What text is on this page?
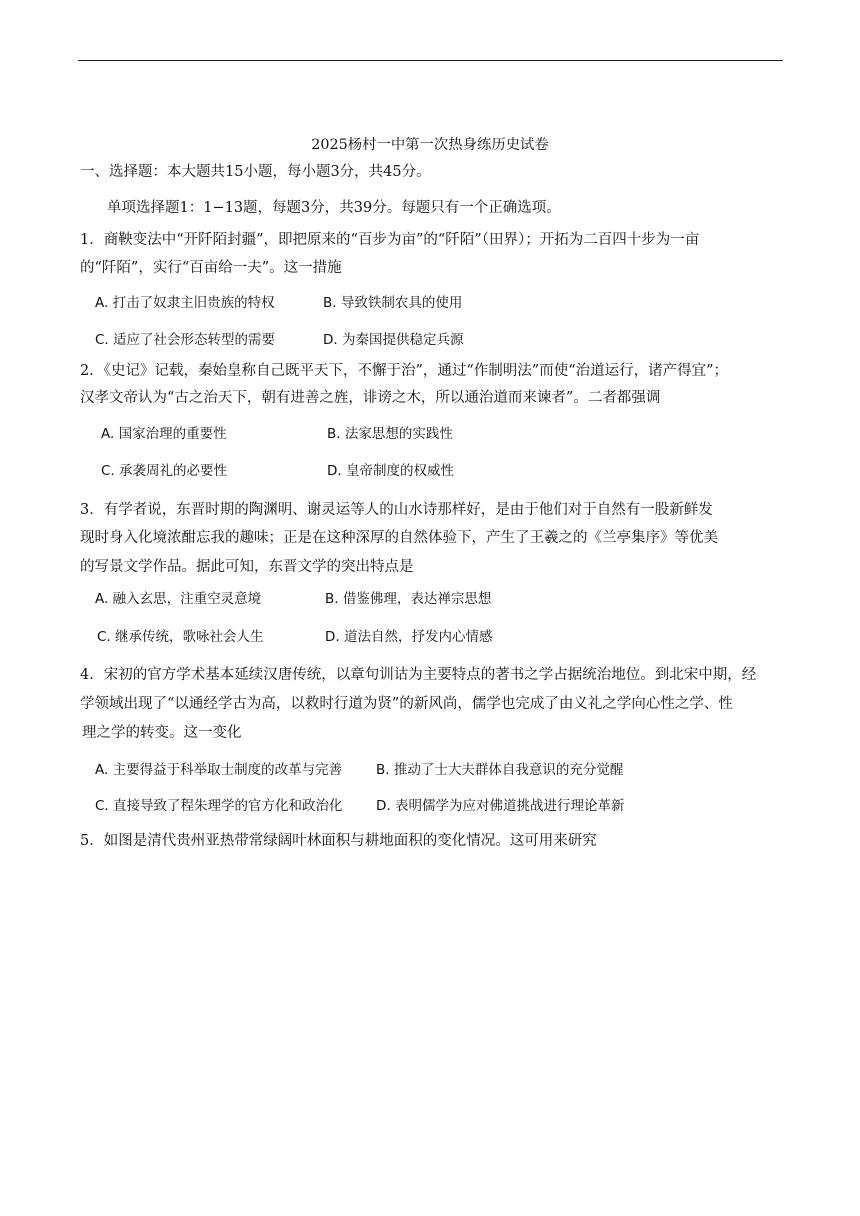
2025杨村一中第一次热身练历史试卷
一、选择题：本大题共15小题，每小题3分，共45分。
单项选择题1：1−13题，每题3分，共39分。每题只有一个正确选项。
1．商鞅变法中“开阡陌封疆”，即把原来的“百步为亩”的“阡陌”（田界）；开拓为二百四十步为一亩
的“阡陌”，实行“百亩给一夫”。这一措施
A. 打击了奴隶主旧贵族的特权	B. 导致铁制农具的使用
C. 适应了社会形态转型的需要	D. 为秦国提供稳定兵源
2．《史记》记载，秦始皇称自己既平天下，不懈于治”，通过“作制明法”而使“治道运行，诸产得宜”；
汉孝文帝认为“古之治天下，朝有进善之旌，诽谤之木，所以通治道而来谏者”。二者都强调
A. 国家治理的重要性	B. 法家思想的实践性
C. 承袭周礼的必要性	D. 皇帝制度的权威性
3．有学者说，东晋时期的陶渊明、谢灵运等人的山水诗那样好，是由于他们对于自然有一股新鲜发
现时身入化境浓酣忘我的趣味；正是在这种深厚的自然体验下，产生了王羲之的《兰亭集序》等优美
的写景文学作品。据此可知，东晋文学的突出特点是
A. 融入玄思，注重空灵意境	B. 借鉴佛理，表达禅宗思想
C. 继承传统，歌咏社会人生	D. 道法自然，抒发内心情感
4．宋初的官方学术基本延续汉唐传统，以章句训诂为主要特点的著书之学占据统治地位。到北宋中期，经
学领域出现了“以通经学古为高，以救时行道为贤”的新风尚，儒学也完成了由义礼之学向心性之学、性
理之学的转变。这一变化
A. 主要得益于科举取士制度的改革与完善	B. 推动了士大夫群体自我意识的充分觉醒
C. 直接导致了程朱理学的官方化和政治化 D. 表明儒学为应对佛道挑战进行理论革新
5．如图是清代贵州亚热带常绿阔叶林面积与耕地面积的变化情况。这可用来研究
